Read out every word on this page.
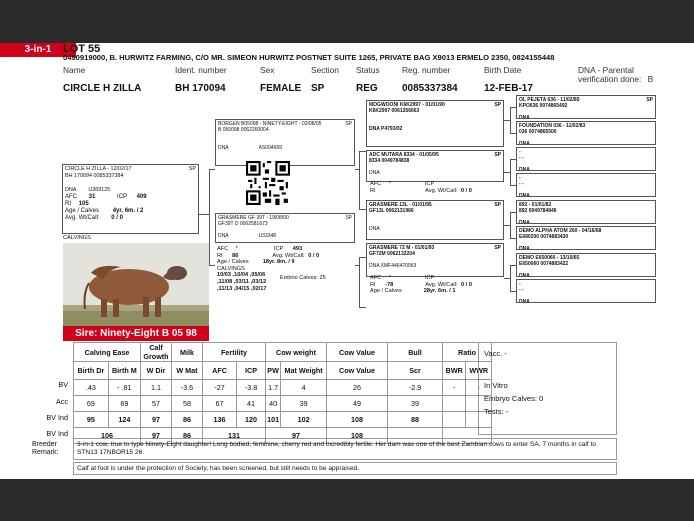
LOT 55
0490919000, B. HURWITZ FARMING, C/O MR. SIMEON HURWITZ POSTNET SUITE 1265, PRIVATE BAG X9013 ERMELO 2350, 0824155448
Name	Ident. number	Sex	Section Status	Reg. number	Birth Date	DNA - Parental
verification done: B
CIRCLE H ZILLA	BH 170094	FEMALE SP	REG 0085337384	12-FEB-17
3-in-1
CIRCLE H ZILLA - 12/02/17	SP
BH 170094 0085337384

DNA U369125
AFC 31	ICP 409
RI 105
Age / Calves 4yr. 6m. / 2
Avg. Wt/Call: 0 / 0
CALVINGS
Sire: Ninety-Eight B 05 98
BORGEN B05098 - NINETY-EIGHT - 02/08/05	SP
B 050098 0062260004

DNA	AS004669
GRASMERE GF 39T - 19/08/00	SP
GF39T D 0062581673

DNA	U33348
AFC *	ICP 493
RI 86	Avg. Wt/Call: 0 / 0
Age / Calves	18yr. 8m. / 9
CALVINGS
10/03 ,10/04 ,05/06 ,11/08 ,03/11 ,03/12 ,11/13 ,04/15 ,02/17
Embrio Calves: 25
MOGWOONI K6K2997 - 01/01/90	SP
K6K2997 0061356663

DNA P4793/02
ADC MUTARA 8334 - 01/05/95	SP
8334 0049784838

DNA
AFC *	ICP
RI	Avg. Wt/Call: 0 / 0
GRASMERE 13L - 01/01/95	SP
GF13L 0062131966

DNA
GRASMERE 72 M - 01/01/93	SP
GF72M 0062132204

DNA XMF446470063
AFC *	ICP
RI -78	Avg. Wt/Call: 0 / 0
Age / Calves	28yr. 6m. / 1
OL PEJETA 636 - 11/02/85	SP
KPO636 0074865492

DNA
FOUNDATION 036 - 11/02/83
036 0074865500

DNA
-
- -

DNA
-
- -

DNA
892 - 01/01/82
892 0049784846

DNA
DEMO ALPHA ATOM 260 - 04/16/68
E680200 0074883430

DNA
DEMO E650060 - 13/10/65
E650060 0074883422

DNA
-
- -

DNA
BV
Acc
BV Ind
BV Ind
Calving Ease		Calf Growth	Milk	Fertility		Cow weight		Cow Value	Bull	Ratio	
Birth Dr	Birth M	W Dir	W Mat	AFC	ICP	PW	Mat Weight	Cow Value	Scr	BWR	WWR
.43	- .81	1.1	-3.6	-27	-3.8	1.7	4	26	-2.9	-	-
69	69	57	58	67	41	40	39	49	39		
95	124	97	86	136	120	101	102	108	88		
106		97	86	131		97		108			
Vacc. -
In Vitro
Embryo Calves: 0
Tests: -
Breeder Remark:
3-in-1 cow, true to type Ninety-Eight daughter! Long bodied, feminine, cherry red and incredibly fertile. Her dam was one of the best Zambian cows to enter SA. 7 months in calf to STN13 17NBOR15 26.
Calf at foot is under the protection of Society, has been screened, but still needs to be appraised.
